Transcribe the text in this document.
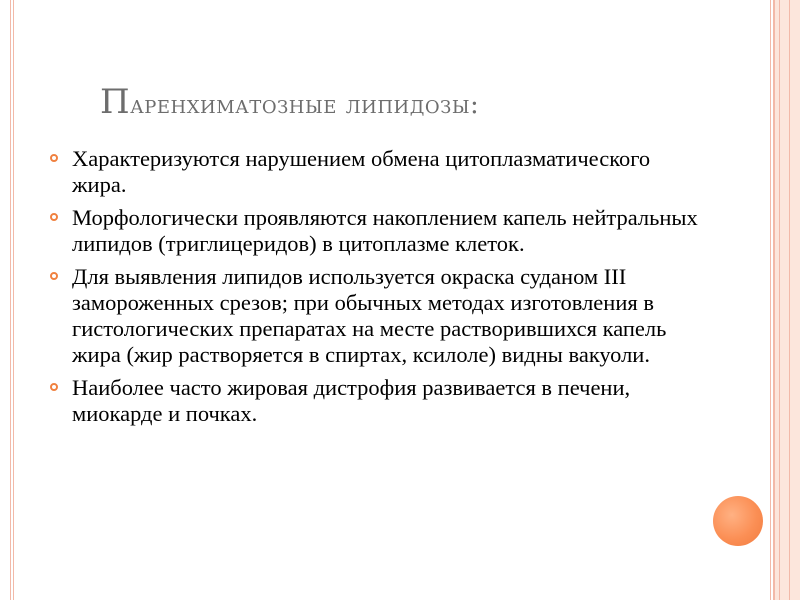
Паренхиматозные липидозы:
Характеризуются нарушением обмена цитоплазматического жира.
Морфологически проявляются накоплением капель нейтральных липидов (триглицеридов) в цитоплазме клеток.
Для выявления липидов используется окраска суданом III замороженных срезов; при обычных методах изготовления в гистологических препаратах на месте растворившихся капель жира (жир растворяется в спиртах, ксилоле) видны вакуоли.
Наиболее часто жировая дистрофия развивается в печени, миокарде и почках.
